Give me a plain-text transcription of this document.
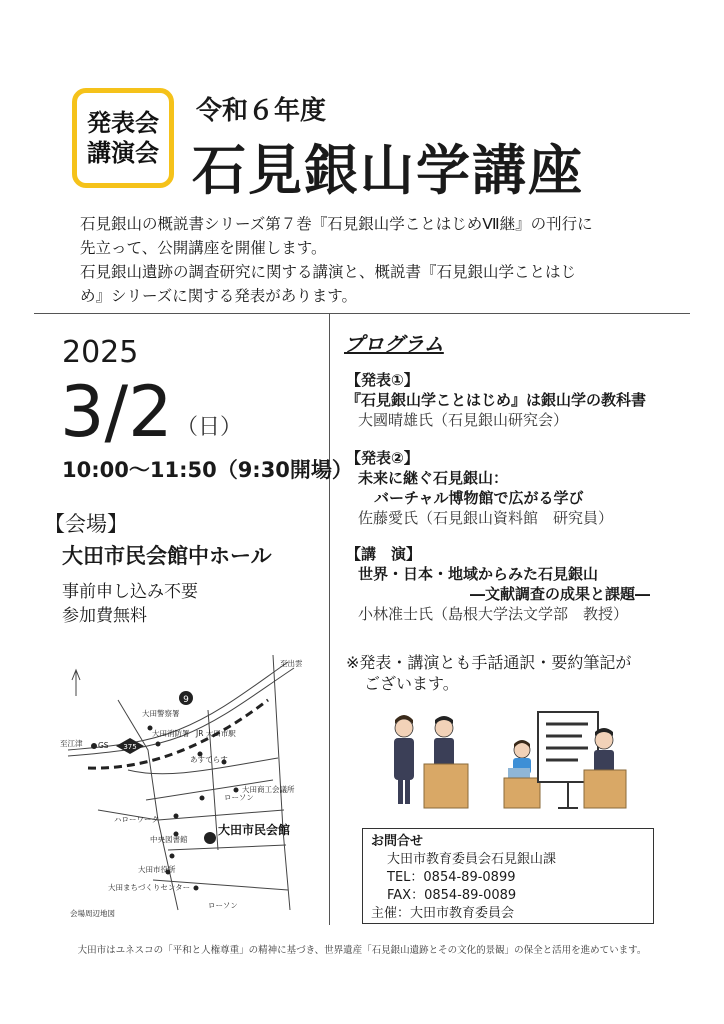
発表会
講演会
令和６年度
石見銀山学講座
石見銀山の概説書シリーズ第７巻『石見銀山学ことはじめⅦ継』の刊行に
先立って、公開講座を開催します。
石見銀山遺跡の調査研究に関する講演と、概説書『石見銀山学ことはじ
め』シリーズに関する発表があります。
2025
3/2 （日）
10:00～11:50（9:30開場）
【会場】
大田市民会館中ホール
事前申し込み不要
参加費無料
9
375
至出雲
至江津 GS
大田警察署
大田消防署 JR 大田市駅
あすてらす
ローソン
大田商工会議所
ハローワーク
中央図書館
大田市役所
大田まちづくりセンター
ローソン
会場周辺地図
大田市民会館
プログラム
【発表①】
『石見銀山学ことはじめ』は銀山学の教科書
大國晴雄氏（石見銀山研究会）
【発表②】
未来に継ぐ石見銀山：
バーチャル博物館で広がる学び
佐藤愛氏（石見銀山資料館　研究員）
【講　演】
世界・日本・地域からみた石見銀山
―文献調査の成果と課題―
小林准士氏（島根大学法文学部　教授）
※発表・講演とも手話通訳・要約筆記が
ございます。
お問合せ
大田市教育委員会石見銀山課
TEL：0854-89-0899
FAX：0854-89-0089
主催：大田市教育委員会
大田市はユネスコの「平和と人権尊重」の精神に基づき、世界遺産「石見銀山遺跡とその文化的景観」の保全と活用を進めています。
